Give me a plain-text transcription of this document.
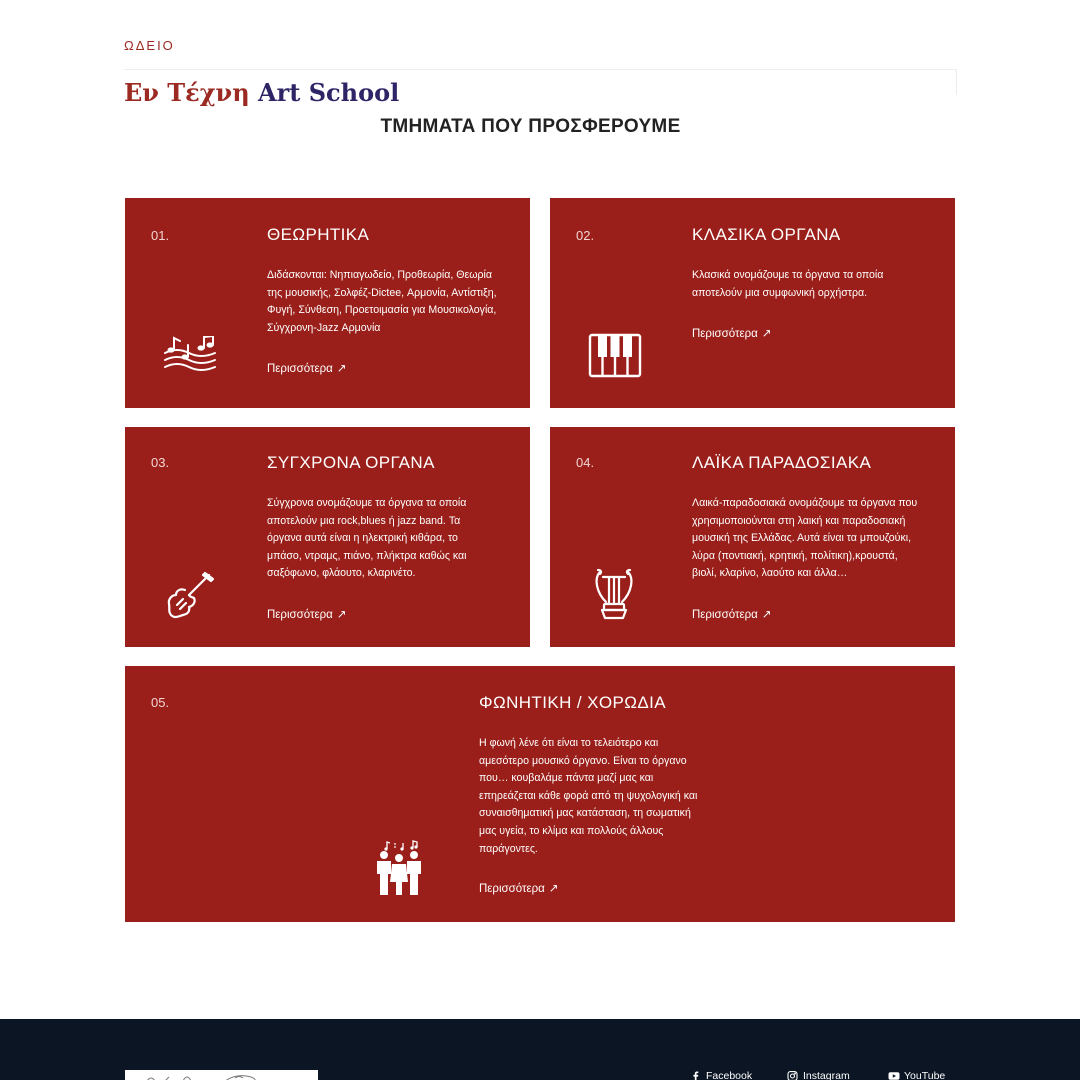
ΩΔΕΙΟ
Εν Τέχνη Art School
ΤΜΗΜΑΤΑ ΠΟΥ ΠΡΟΣΦΕΡΟΥΜΕ
01.	ΘΕΩΡΗΤΙΚΑ
Διδάσκονται: Νηπιαγωδείο, Προθεωρία, Θεωρία της μουσικής, Σολφέζ-Dictee, Αρμονία, Αντίστιξη, Φυγή, Σύνθεση, Προετοιμασία για Μουσικολογία, Σύγχρονη-Jazz Αρμονία
Περισσότερα ↗
02.	ΚΛΑΣΙΚΑ ΟΡΓΑΝΑ
Κλασικά ονομάζουμε τα όργανα τα οποία αποτελούν μια συμφωνική ορχήστρα.
Περισσότερα ↗
03.	ΣΥΓΧΡΟΝΑ ΟΡΓΑΝΑ
Σύγχρονα ονομάζουμε τα όργανα τα οποία αποτελούν μια rock,blues ή jazz band. Τα όργανα αυτά είναι η ηλεκτρική κιθάρα, το μπάσο, ντραμς, πιάνο, πλήκτρα καθώς και σαξόφωνο, φλάουτο, κλαρινέτο.
Περισσότερα ↗
04.	ΛΑΪΚΑ ΠΑΡΑΔΟΣΙΑΚΑ
Λαικά-παραδοσιακά ονομάζουμε τα όργανα που χρησιμοποιούνται στη λαική και παραδοσιακή μουσική της Ελλάδας. Αυτά είναι τα μπουζούκι, λύρα (ποντιακή, κρητική, πολίτικη),κρουστά, βιολί, κλαρίνο, λαούτο και άλλα…
Περισσότερα ↗
05.	ΦΩΝΗΤΙΚΗ / ΧΟΡΩΔΙΑ
Η φωνή λένε ότι είναι το τελειότερο και αμεσότερο μουσικό όργανο. Είναι το όργανο που… κουβαλάμε πάντα μαζί μας και επηρεάζεται κάθε φορά από τη ψυχολογική και συναισθηματική μας κατάσταση, τη σωματική μας υγεία, το κλίμα και πολλούς άλλους παράγοντες.
Περισσότερα ↗
Facebook	Instagram	YouTube
